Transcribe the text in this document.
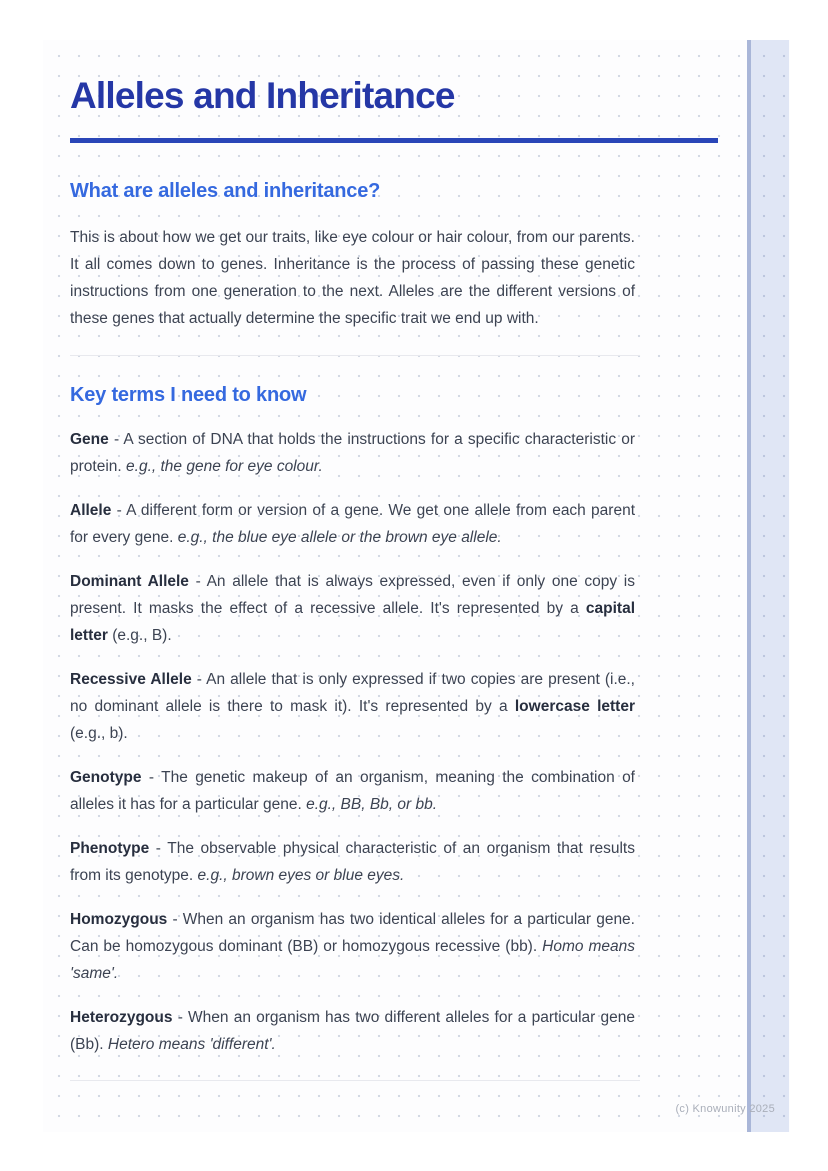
Alleles and Inheritance
What are alleles and inheritance?

This is about how we get our traits, like eye colour or hair colour, from our parents. It all comes down to genes. Inheritance is the process of passing these genetic instructions from one generation to the next. Alleles are the different versions of these genes that actually determine the specific trait we end up with.

Key terms I need to know

Gene - A section of DNA that holds the instructions for a specific characteristic or protein. e.g., the gene for eye colour.

Allele - A different form or version of a gene. We get one allele from each parent for every gene. e.g., the blue eye allele or the brown eye allele.

Dominant Allele - An allele that is always expressed, even if only one copy is present. It masks the effect of a recessive allele. It's represented by a capital letter (e.g., B).

Recessive Allele - An allele that is only expressed if two copies are present (i.e., no dominant allele is there to mask it). It's represented by a lowercase letter (e.g., b).

Genotype - The genetic makeup of an organism, meaning the combination of alleles it has for a particular gene. e.g., BB, Bb, or bb.

Phenotype - The observable physical characteristic of an organism that results from its genotype. e.g., brown eyes or blue eyes.

Homozygous - When an organism has two identical alleles for a particular gene. Can be homozygous dominant (BB) or homozygous recessive (bb). Homo means 'same'.

Heterozygous - When an organism has two different alleles for a particular gene (Bb). Hetero means 'different'.

(c) Knowunity 2025
